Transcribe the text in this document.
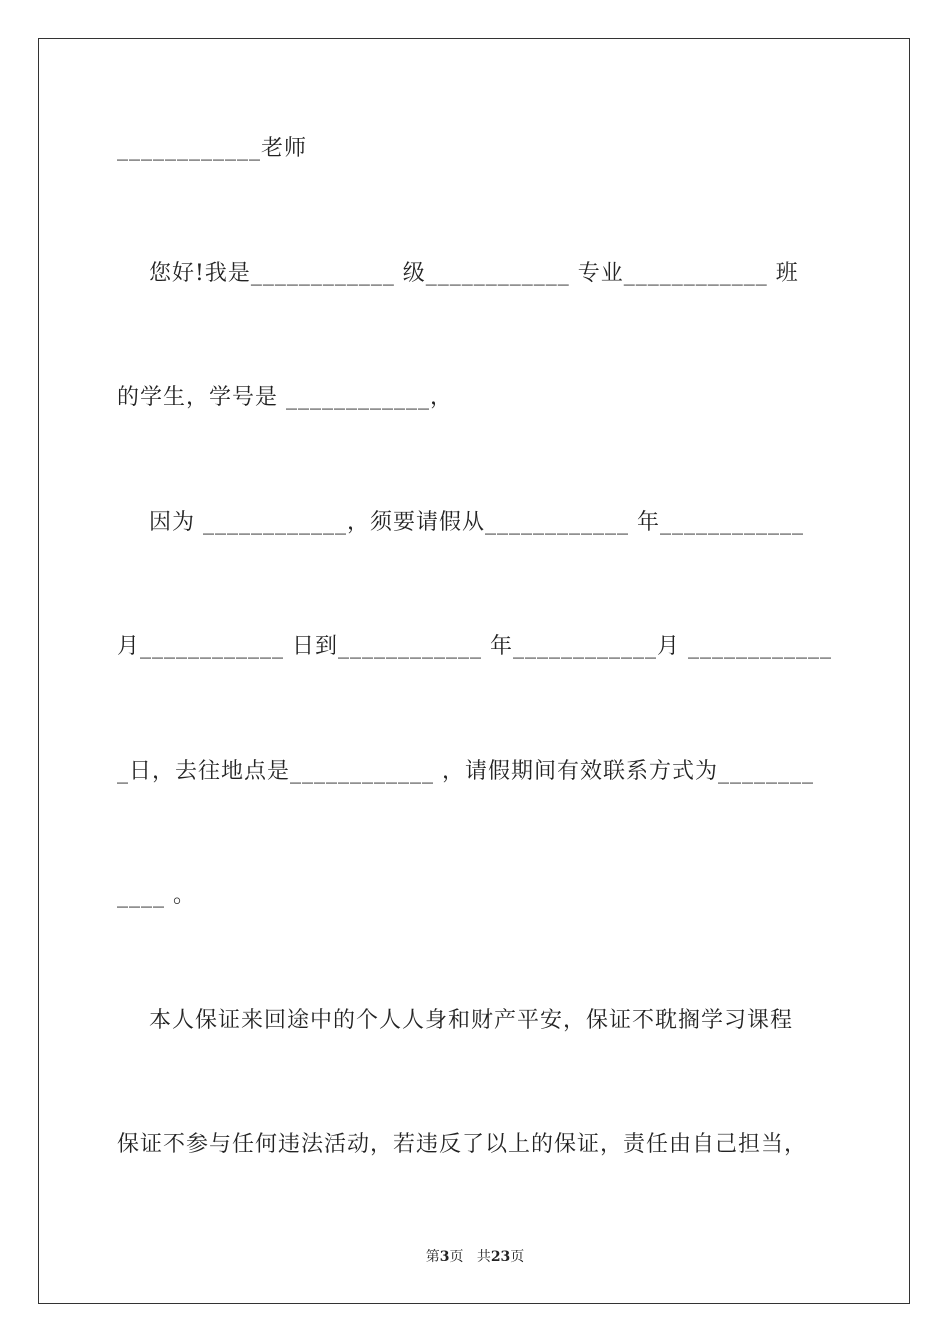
____________老师
您好!我是____________ 级____________ 专业____________ 班
的学生，学号是 ____________，
因为 ____________，须要请假从____________ 年____________
月____________ 日到____________ 年____________月 ____________
_日，去往地点是____________ ，请假期间有效联系方式为________
____ 。
本人保证来回途中的个人人身和财产平安，保证不耽搁学习课程
保证不参与任何违法活动，若违反了以上的保证，责任由自己担当，
第3页 共23页
